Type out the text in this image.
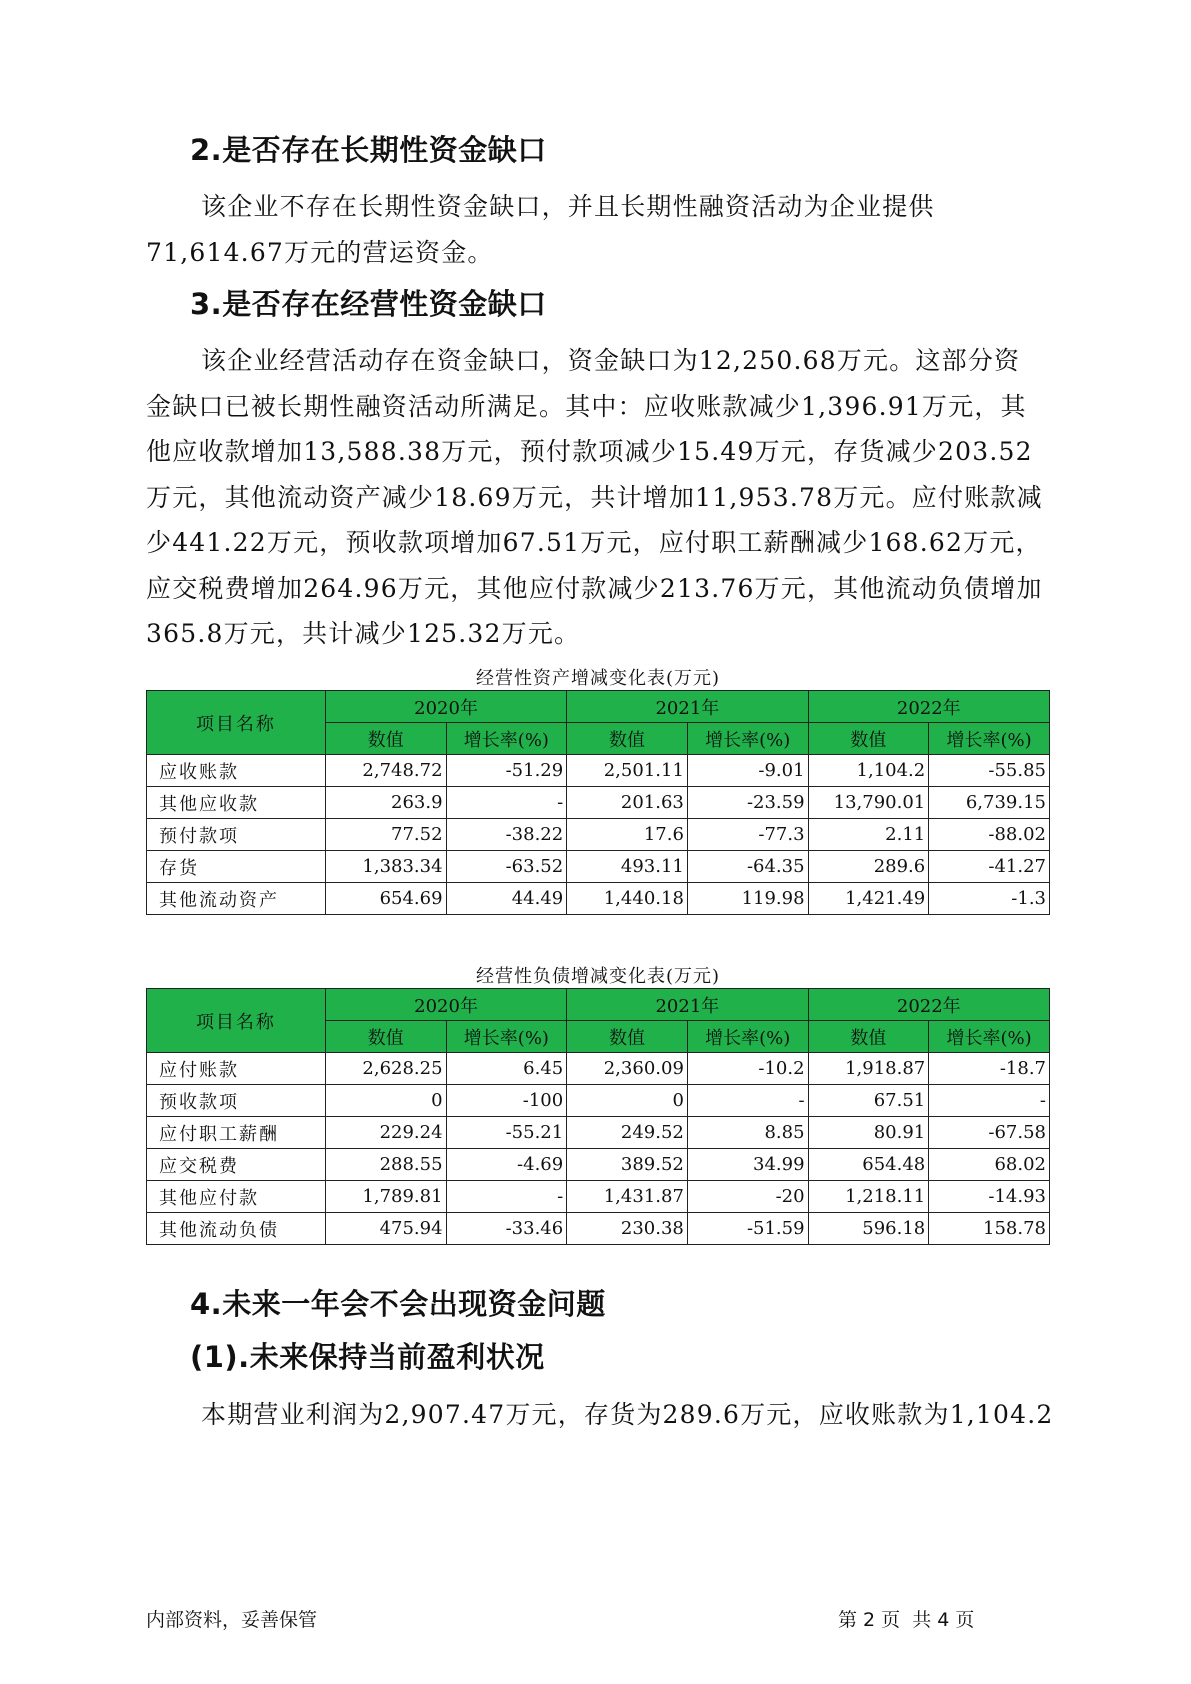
2.是否存在长期性资金缺口

该企业不存在长期性资金缺口，并且长期性融资活动为企业提供71,614.67万元的营运资金。

3.是否存在经营性资金缺口

该企业经营活动存在资金缺口，资金缺口为12,250.68万元。这部分资金缺口已被长期性融资活动所满足。其中：应收账款减少1,396.91万元，其他应收款增加13,588.38万元，预付款项减少15.49万元，存货减少203.52万元，其他流动资产减少18.69万元，共计增加11,953.78万元。应付账款减少441.22万元，预收款项增加67.51万元，应付职工薪酬减少168.62万元，应交税费增加264.96万元，其他应付款减少213.76万元，其他流动负债增加365.8万元，共计减少125.32万元。

经营性资产增减变化表(万元)
项目名称	2020年		2021年		2022年	
	数值	增长率(%)	数值	增长率(%)	数值	增长率(%)
应收账款	2,748.72	-51.29	2,501.11	-9.01	1,104.2	-55.85
其他应收款	263.9	-	201.63	-23.59	13,790.01	6,739.15
预付款项	77.52	-38.22	17.6	-77.3	2.11	-88.02
存货	1,383.34	-63.52	493.11	-64.35	289.6	-41.27
其他流动资产	654.69	44.49	1,440.18	119.98	1,421.49	-1.3
经营性负债增减变化表(万元)
项目名称	2020年		2021年		2022年	
	数值	增长率(%)	数值	增长率(%)	数值	增长率(%)
应付账款	2,628.25	6.45	2,360.09	-10.2	1,918.87	-18.7
预收款项	0	-100	0	-	67.51	-
应付职工薪酬	229.24	-55.21	249.52	8.85	80.91	-67.58
应交税费	288.55	-4.69	389.52	34.99	654.48	68.02
其他应付款	1,789.81	-	1,431.87	-20	1,218.11	-14.93
其他流动负债	475.94	-33.46	230.38	-51.59	596.18	158.78
4.未来一年会不会出现资金问题
(1).未来保持当前盈利状况

本期营业利润为2,907.47万元，存货为289.6万元，应收账款为1,104.2

内部资料，妥善保管	第 2 页  共 4 页
